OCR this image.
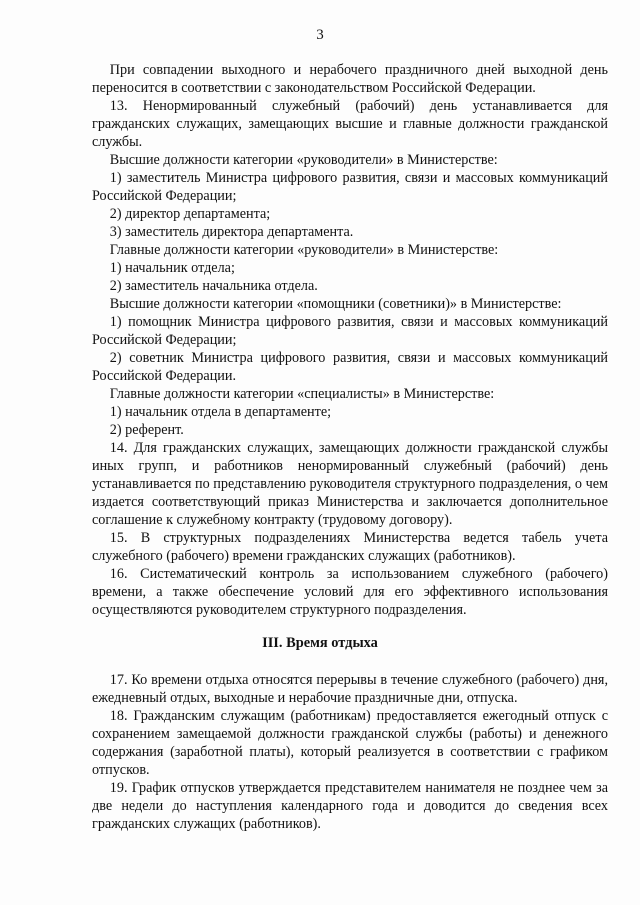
3

При совпадении выходного и нерабочего праздничного дней выходной день переносится в соответствии с законодательством Российской Федерации.

13. Ненормированный служебный (рабочий) день устанавливается для гражданских служащих, замещающих высшие и главные должности гражданской службы.

Высшие должности категории «руководители» в Министерстве:

1) заместитель Министра цифрового развития, связи и массовых коммуникаций Российской Федерации;

2) директор департамента;

3) заместитель директора департамента.

Главные должности категории «руководители» в Министерстве:

1) начальник отдела;

2) заместитель начальника отдела.

Высшие должности категории «помощники (советники)» в Министерстве:

1) помощник Министра цифрового развития, связи и массовых коммуникаций Российской Федерации;

2) советник Министра цифрового развития, связи и массовых коммуникаций Российской Федерации.

Главные должности категории «специалисты» в Министерстве:

1) начальник отдела в департаменте;

2) референт.

14. Для гражданских служащих, замещающих должности гражданской службы иных групп, и работников ненормированный служебный (рабочий) день устанавливается по представлению руководителя структурного подразделения, о чем издается соответствующий приказ Министерства и заключается дополнительное соглашение к служебному контракту (трудовому договору).

15. В структурных подразделениях Министерства ведется табель учета служебного (рабочего) времени гражданских служащих (работников).

16. Систематический контроль за использованием служебного (рабочего) времени, а также обеспечение условий для его эффективного использования осуществляются руководителем структурного подразделения.

III. Время отдыха

17. Ко времени отдыха относятся перерывы в течение служебного (рабочего) дня, ежедневный отдых, выходные и нерабочие праздничные дни, отпуска.

18. Гражданским служащим (работникам) предоставляется ежегодный отпуск с сохранением замещаемой должности гражданской службы (работы) и денежного содержания (заработной платы), который реализуется в соответствии с графиком отпусков.

19. График отпусков утверждается представителем нанимателя не позднее чем за две недели до наступления календарного года и доводится до сведения всех гражданских служащих (работников).
